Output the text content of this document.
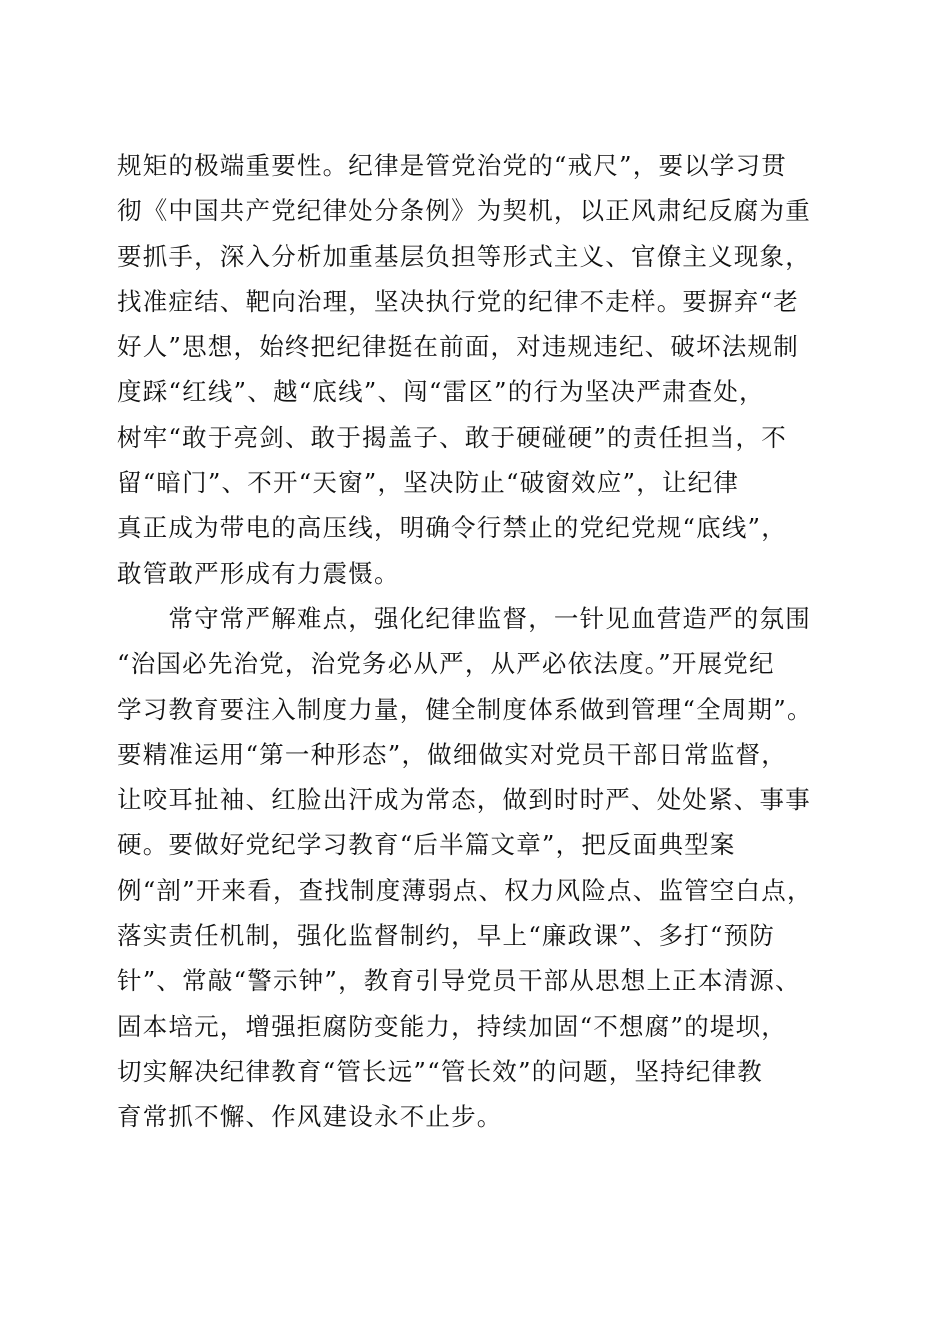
规矩的极端重要性。纪律是管党治党的“戒尺”，要以学习贯
彻《中国共产党纪律处分条例》为契机，以正风肃纪反腐为重
要抓手，深入分析加重基层负担等形式主义、官僚主义现象，
找准症结、靶向治理，坚决执行党的纪律不走样。要摒弃“老
好人”思想，始终把纪律挺在前面，对违规违纪、破坏法规制
度踩“红线”、越“底线”、闯“雷区”的行为坚决严肃查处，
树牢“敢于亮剑、敢于揭盖子、敢于硬碰硬”的责任担当，不
留“暗门”、不开“天窗”，坚决防止“破窗效应”，让纪律
真正成为带电的高压线，明确令行禁止的党纪党规“底线”，
敢管敢严形成有力震慑。
　　常守常严解难点，强化纪律监督，一针见血营造严的氛围
“治国必先治党，治党务必从严，从严必依法度。”开展党纪
学习教育要注入制度力量，健全制度体系做到管理“全周期”。
要精准运用“第一种形态”，做细做实对党员干部日常监督，
让咬耳扯袖、红脸出汗成为常态，做到时时严、处处紧、事事
硬。要做好党纪学习教育“后半篇文章”，把反面典型案
例“剖”开来看，查找制度薄弱点、权力风险点、监管空白点，
落实责任机制，强化监督制约，早上“廉政课”、多打“预防
针”、常敲“警示钟”，教育引导党员干部从思想上正本清源、
固本培元，增强拒腐防变能力，持续加固“不想腐”的堤坝，
切实解决纪律教育“管长远”“管长效”的问题，坚持纪律教
育常抓不懈、作风建设永不止步。
